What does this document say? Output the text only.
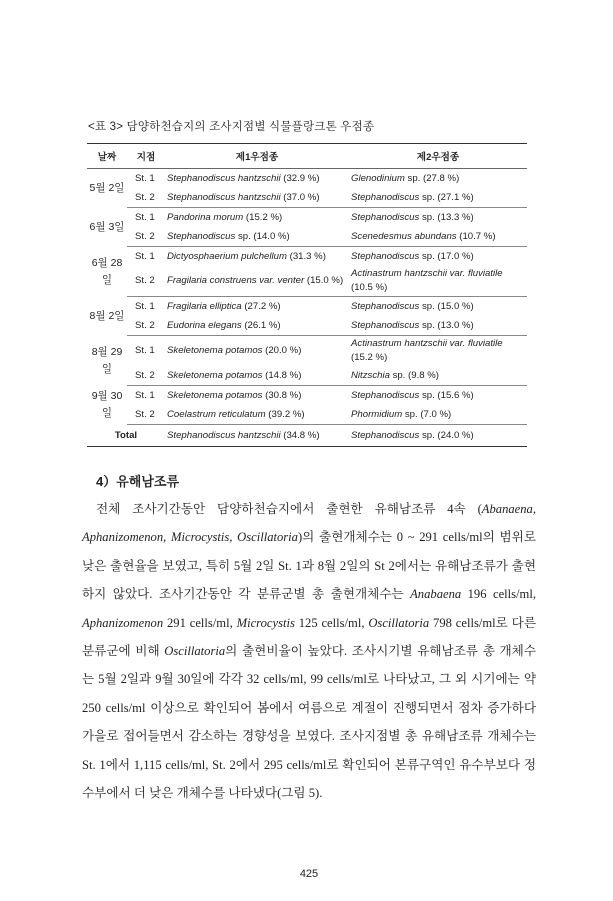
<표 3> 담양하천습지의 조사지점별 식물플랑크톤 우점종
날짜	지점	제1우점종	제2우점종
5월 2일	St. 1	Stephanodiscus hantzschii (32.9 %)	Glenodinium sp. (27.8 %)
	St. 2	Stephanodiscus hantzschii (37.0 %)	Stephanodiscus sp. (27.1 %)
6월 3일	St. 1	Pandorina morum (15.2 %)	Stephanodiscus sp. (13.3 %)
	St. 2	Stephanodiscus sp. (14.0 %)	Scenedesmus abundans (10.7 %)
6월 28일	St. 1	Dictyosphaerium pulchellum (31.3 %)	Stephanodiscus sp. (17.0 %)
	St. 2	Fragilaria construens var. venter (15.0 %)	Actinastrum hantzschii var. fluviatile (10.5 %)
8월 2일	St. 1	Fragilaria elliptica (27.2 %)	Stephanodiscus sp. (15.0 %)
	St. 2	Eudorina elegans (26.1 %)	Stephanodiscus sp. (13.0 %)
8월 29일	St. 1	Skeletonema potamos (20.0 %)	Actinastrum hantzschii var. fluviatile (15.2 %)
	St. 2	Skeletonema potamos (14.8 %)	Nitzschia sp. (9.8 %)
9월 30일	St. 1	Skeletonema potamos (30.8 %)	Stephanodiscus sp. (15.6 %)
	St. 2	Coelastrum reticulatum (39.2 %)	Phormidium sp. (7.0 %)
Total		Stephanodiscus hantzschii (34.8 %)	Stephanodiscus sp. (24.0 %)
4）유해남조류
전체 조사기간동안 담양하천습지에서 출현한 유해남조류 4속 (Abanaena, Aphanizomenon, Microcystis, Oscillatoria)의 출현개체수는 0 ~ 291 cells/ml의 범위로 낮은 출현율을 보였고, 특히 5월 2일 St. 1과 8월 2일의 St 2에서는 유해남조류가 출현하지 않았다. 조사기간동안 각 분류군별 총 출현개체수는 Anabaena 196 cells/ml, Aphanizomenon 291 cells/ml, Microcystis 125 cells/ml, Oscillatoria 798 cells/ml로 다른 분류군에 비해 Oscillatoria의 출현비율이 높았다. 조사시기별 유해남조류 총 개체수는 5월 2일과 9월 30일에 각각 32 cells/ml, 99 cells/ml로 나타났고, 그 외 시기에는 약 250 cells/ml 이상으로 확인되어 봄에서 여름으로 계절이 진행되면서 점차 증가하다 가을로 접어들면서 감소하는 경향성을 보였다. 조사지점별 총 유해남조류 개체수는 St. 1에서 1,115 cells/ml, St. 2에서 295 cells/ml로 확인되어 본류구역인 유수부보다 정수부에서 더 낮은 개체수를 나타냈다(그림 5).
425
